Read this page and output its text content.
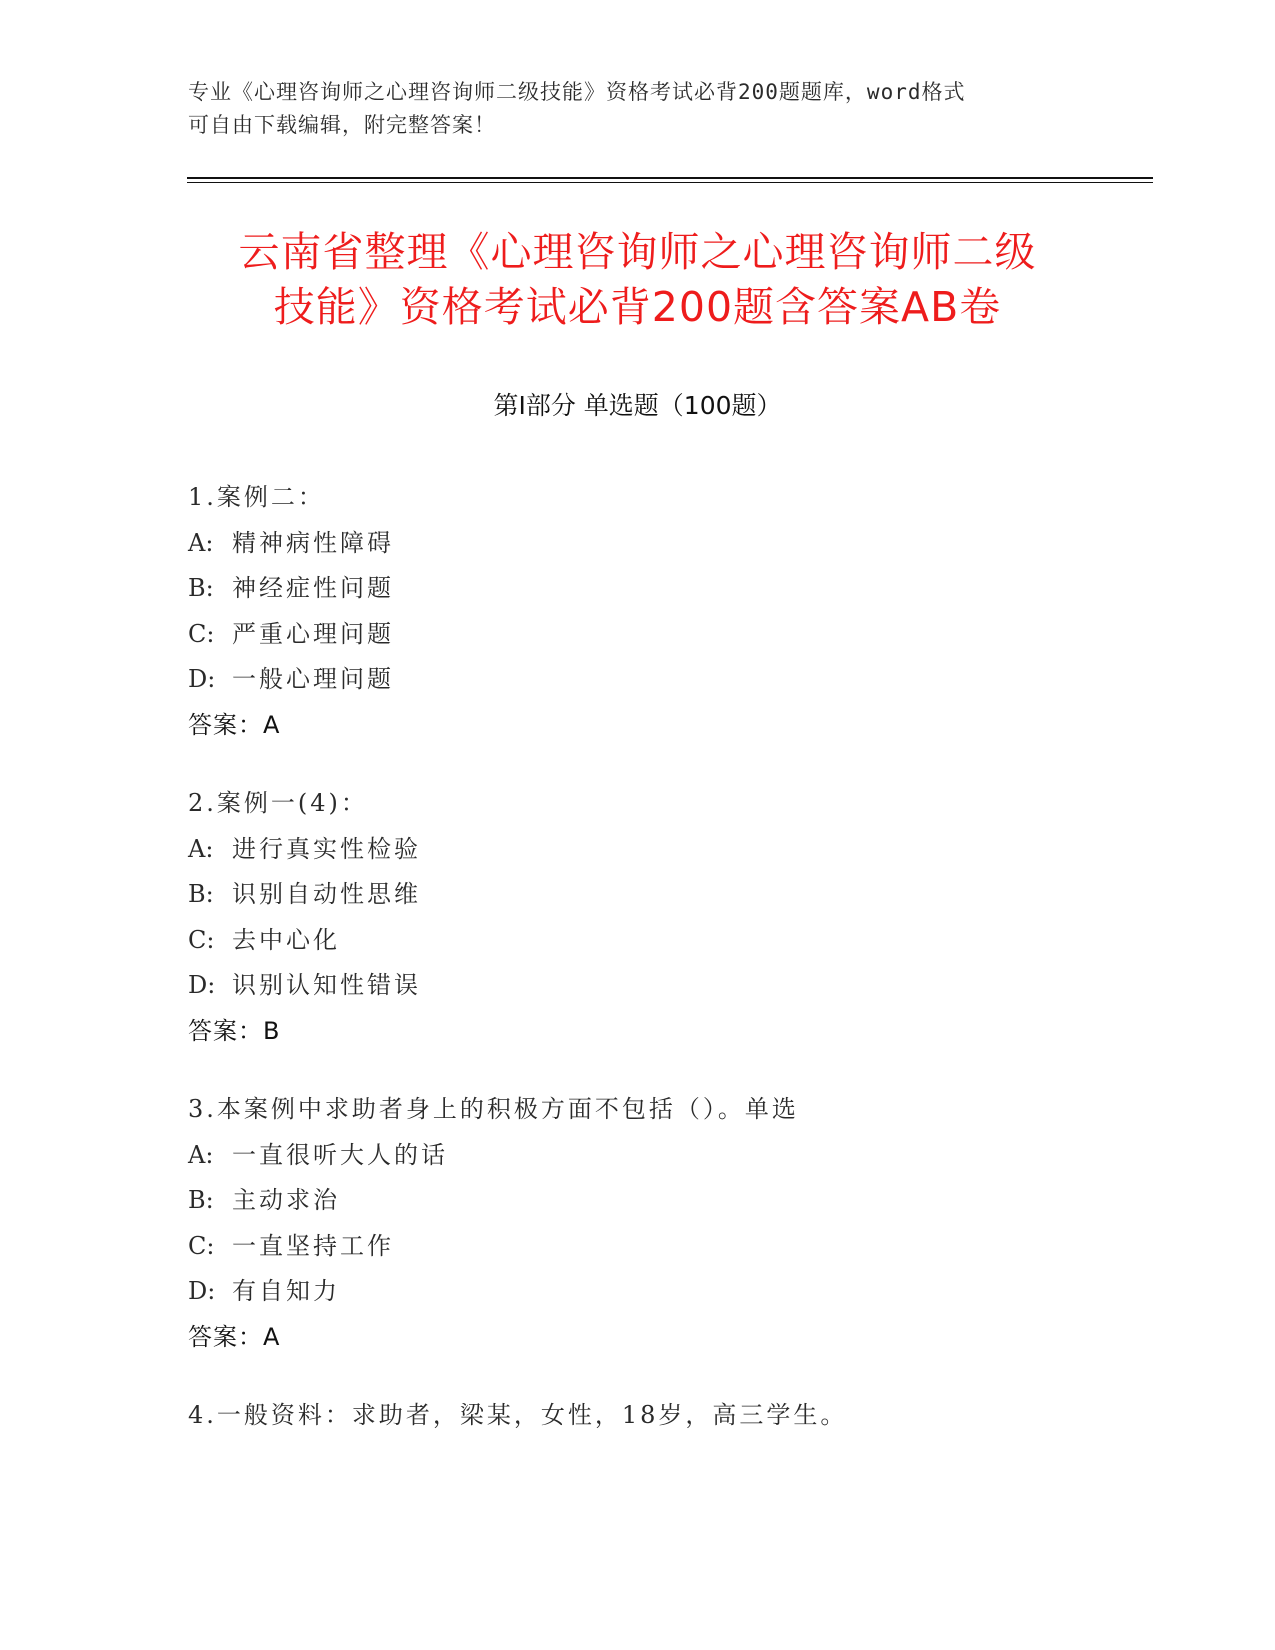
专业《心理咨询师之心理咨询师二级技能》资格考试必背200题题库，word格式
可自由下载编辑，附完整答案！
云南省整理《心理咨询师之心理咨询师二级
技能》资格考试必背200题含答案AB卷
第Ⅰ部分 单选题（100题）
1.案例二：
A: 精神病性障碍
B: 神经症性问题
C: 严重心理问题
D: 一般心理问题
答案：A
2.案例一(4)：
A: 进行真实性检验
B: 识别自动性思维
C: 去中心化
D: 识别认知性错误
答案：B
3.本案例中求助者身上的积极方面不包括（）。单选
A: 一直很听大人的话
B: 主动求治
C: 一直坚持工作
D: 有自知力
答案：A
4.一般资料：求助者，梁某，女性，18岁，高三学生。
